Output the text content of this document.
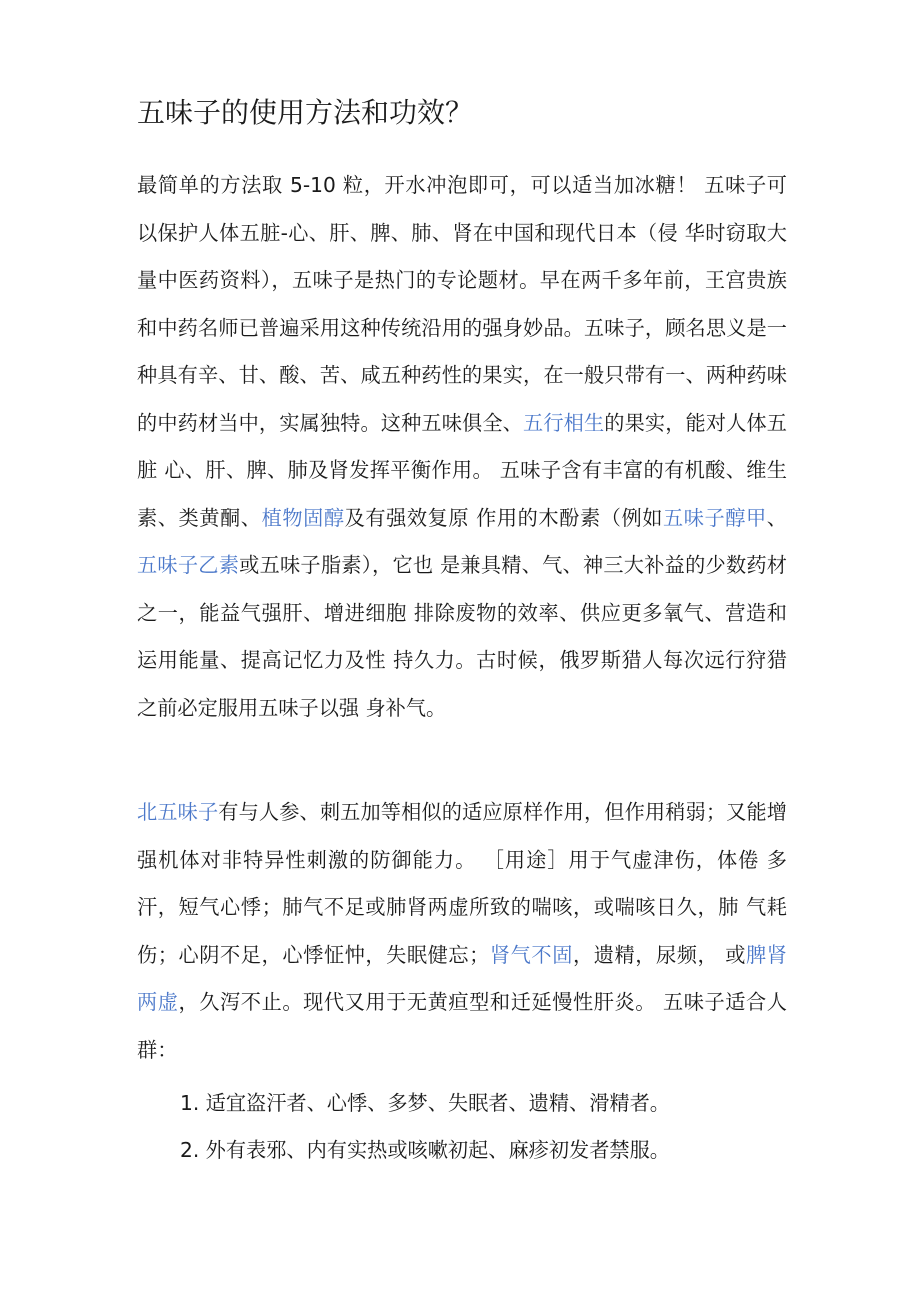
五味子的使用方法和功效？

最简单的方法取 5-10 粒，开水冲泡即可，可以适当加冰糖！ 五味子可以保护人体五脏-心、肝、脾、肺、肾在中国和现代日本（侵 华时窃取大量中医药资料），五味子是热门的专论题材。早在两千多年前，王宫贵族和中药名师已普遍采用这种传统沿用的强身妙品。五味子，顾名思义是一种具有辛、甘、酸、苦、咸五种药性的果实，在一般只带有一、两种药味的中药材当中，实属独特。这种五味俱全、五行相生的果实，能对人体五脏 心、肝、脾、肺及肾发挥平衡作用。 五味子含有丰富的有机酸、维生素、类黄酮、植物固醇及有强效复原 作用的木酚素（例如五味子醇甲、五味子乙素或五味子脂素），它也 是兼具精、气、神三大补益的少数药材之一，能益气强肝、增进细胞 排除废物的效率、供应更多氧气、营造和运用能量、提高记忆力及性 持久力。古时候，俄罗斯猎人每次远行狩猎之前必定服用五味子以强 身补气。

北五味子有与人参、刺五加等相似的适应原样作用，但作用稍弱；又能增强机体对非特异性刺激的防御能力。 ［用途］用于气虚津伤，体倦 多汗，短气心悸；肺气不足或肺肾两虚所致的喘咳，或喘咳日久，肺 气耗伤；心阴不足，心悸怔忡，失眠健忘；肾气不固，遗精，尿频， 或脾肾两虚，久泻不止。现代又用于无黄疸型和迁延慢性肝炎。 五味子适合人群：

1. 适宜盗汗者、心悸、多梦、失眠者、遗精、滑精者。

2. 外有表邪、内有实热或咳嗽初起、麻疹初发者禁服。
